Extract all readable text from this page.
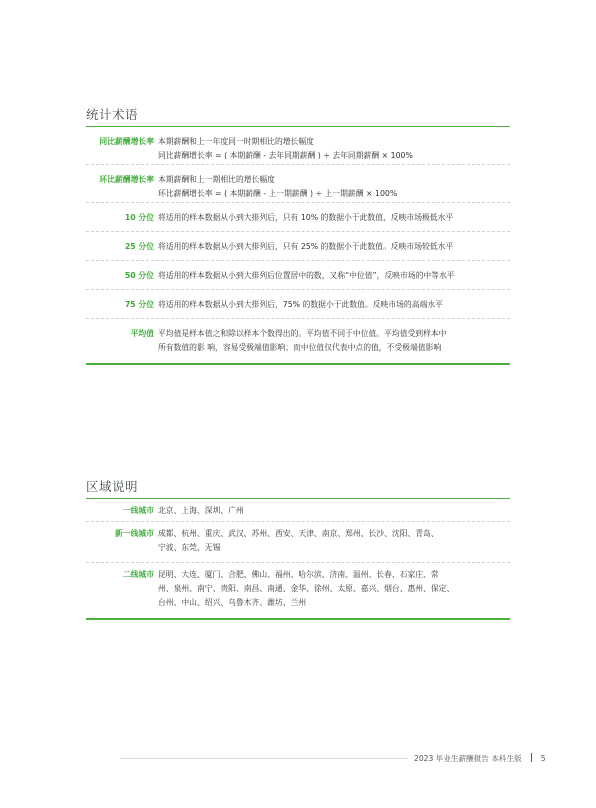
统计术语
同比薪酬增长率 本期薪酬和上一年度同一时期相比的增长幅度
同比薪酬增长率 = ( 本期薪酬 - 去年同期薪酬 ) ÷ 去年同期薪酬 × 100%
环比薪酬增长率 本期薪酬和上一期相比的增长幅度
环比薪酬增长率 = ( 本期薪酬 - 上一期薪酬 ) ÷ 上一期薪酬 × 100%
10 分位 将适用的样本数据从小到大排列后，只有 10% 的数据小于此数值，反映市场极低水平
25 分位 将适用的样本数据从小到大排列后，只有 25% 的数据小于此数值。反映市场较低水平
50 分位 将适用的样本数据从小到大排列后位置居中的数，又称“中位值”，反映市场的中等水平
75 分位 将适用的样本数据从小到大排列后，75% 的数据小于此数值。反映市场的高端水平
平均值 平均值是样本值之和除以样本个数得出的。平均值不同于中位值。平均值受到样本中
所有数值的影 响，容易受极端值影响；而中位值仅代表中点的值，不受极端值影响
区域说明
一线城市 北京、上海、深圳、广州
新一线城市 成都、杭州、重庆、武汉、苏州、西安、天津、南京、郑州、长沙、沈阳、青岛、
宁波、东莞、无锡
二线城市 昆明、大连、厦门、合肥、佛山、福州、哈尔滨、济南、温州、长春、石家庄、常
州、泉州、南宁、贵阳、南昌、南通、金华、徐州、太原、嘉兴、烟台、惠州、保定、
台州、中山、绍兴、乌鲁木齐、潍坊、兰州
2023 毕业生薪酬报告 本科生版	5
